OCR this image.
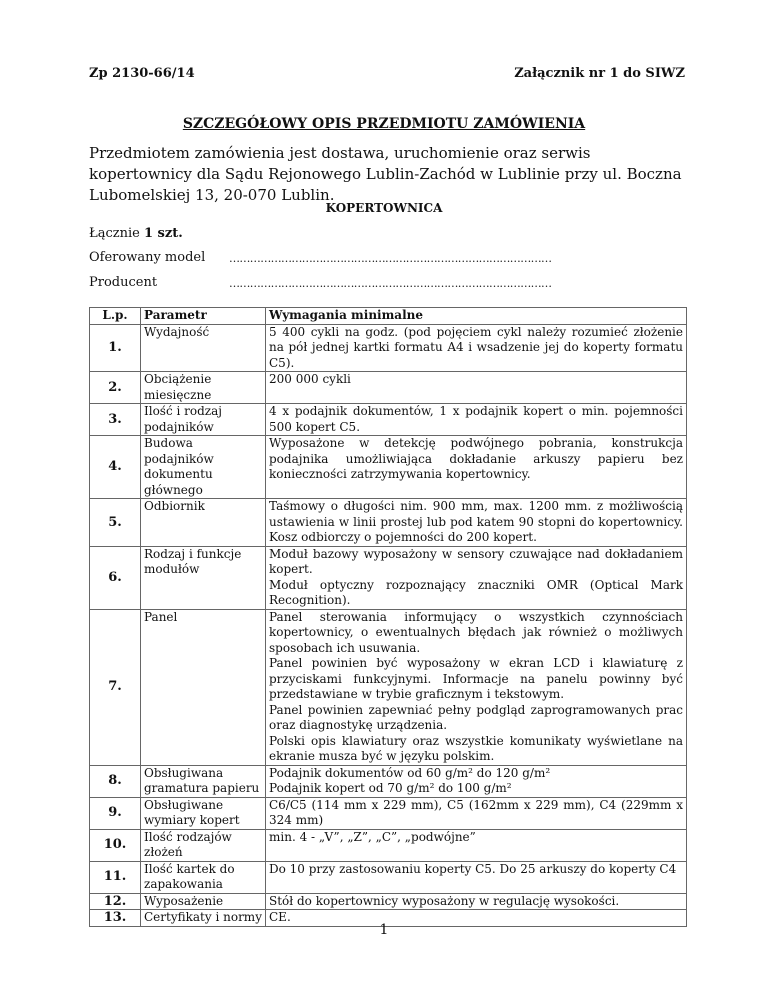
Zp 2130-66/14	Załącznik nr 1 do SIWZ
SZCZEGÓŁOWY OPIS PRZEDMIOTU ZAMÓWIENIA
Przedmiotem zamówienia jest dostawa, uruchomienie oraz serwis kopertownicy dla Sądu Rejonowego Lublin-Zachód w Lublinie przy ul. Boczna Lubomelskiej 13, 20-070 Lublin.
KOPERTOWNICA
Łącznie 1 szt.
Oferowany model …………………………………………………………………………………
Producent	…………………………………………………………………………………
L.p.	Parametr	Wymagania minimalne
1.	Wydajność	5 400 cykli na godz. (pod pojęciem cykl należy rozumieć złożenie na pół jednej kartki formatu A4 i wsadzenie jej do koperty formatu C5).

2.	Obciążenie miesięczne	200 000 cykli

3.	Ilość i rodzaj podajników	4 x podajnik dokumentów, 1 x podajnik kopert o min. pojemności 500 kopert C5.

4.	Budowa podajników dokumentu głównego	Wyposażone w detekcję podwójnego pobrania, konstrukcja podajnika umożliwiająca dokładanie arkuszy papieru bez konieczności zatrzymywania kopertownicy.

5.	Odbiornik	Taśmowy o długości nim. 900 mm, max. 1200 mm. z możliwością ustawienia w linii prostej lub pod katem 90 stopni do kopertownicy. Kosz odbiorczy o pojemności do 200 kopert.

6.	Rodzaj i funkcje modułów	Moduł bazowy wyposażony w sensory czuwające nad dokładaniem kopert.
Moduł optyczny rozpoznający znaczniki OMR (Optical Mark Recognition).

7.	Panel	Panel sterowania informujący o wszystkich czynnościach kopertownicy, o ewentualnych błędach jak również o możliwych sposobach ich usuwania.
Panel powinien być wyposażony w ekran LCD i klawiaturę z przyciskami funkcyjnymi. Informacje na panelu powinny być przedstawiane w trybie graficznym i tekstowym.
Panel powinien zapewniać pełny podgląd zaprogramowanych prac oraz diagnostykę urządzenia.
Polski opis klawiatury oraz wszystkie komunikaty wyświetlane na ekranie musza być w języku polskim.

8.	Obsługiwana gramatura papieru	Podajnik dokumentów od 60 g/m² do 120 g/m²
Podajnik kopert od 70 g/m² do 100 g/m²

9.	Obsługiwane wymiary kopert	C6/C5 (114 mm x 229 mm), C5 (162mm x 229 mm), C4 (229mm x 324 mm)

10.	Ilość rodzajów złożeń	min. 4 - „V”, „Z”, „C”, „podwójne”

11.	Ilość kartek do zapakowania	Do 10 przy zastosowaniu koperty C5. Do 25 arkuszy do koperty C4

12.	Wyposażenie	Stół do kopertownicy wyposażony w regulację wysokości.

13.	Certyfikaty i normy	CE.
1
